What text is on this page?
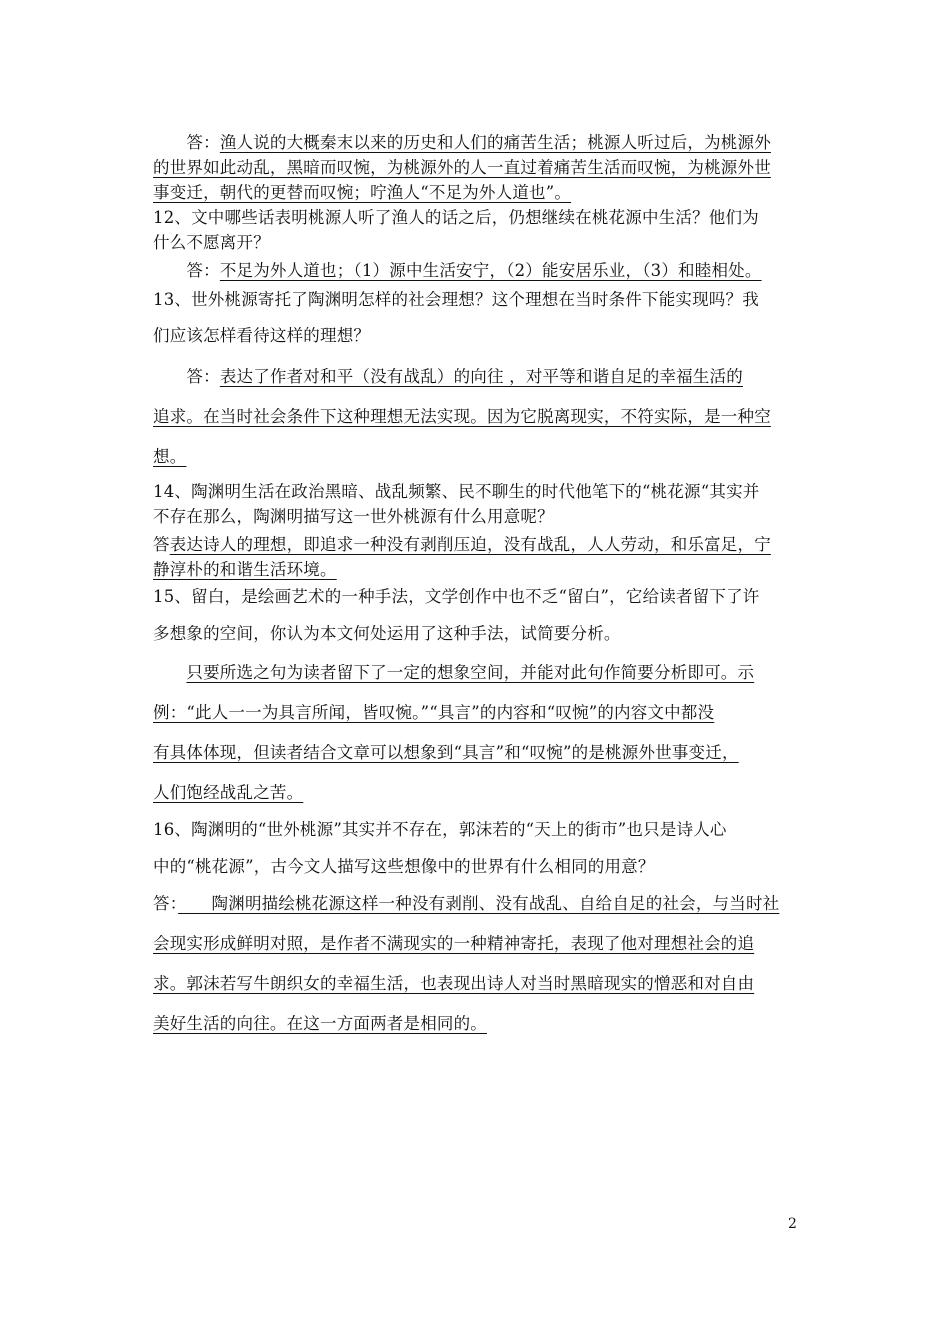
　　答：渔人说的大概秦末以来的历史和人们的痛苦生活；桃源人听过后，为桃源外
的世界如此动乱，黑暗而叹惋，为桃源外的人一直过着痛苦生活而叹惋，为桃源外世
事变迁，朝代的更替而叹惋；咛渔人“不足为外人道也”。
12、文中哪些话表明桃源人听了渔人的话之后，仍想继续在桃花源中生活？他们为
什么不愿离开？
　　答：不足为外人道也；（1）源中生活安宁，（2）能安居乐业，（3）和睦相处。
13、世外桃源寄托了陶渊明怎样的社会理想？这个理想在当时条件下能实现吗？我
们应该怎样看待这样的理想？
　　答：表达了作者对和平（没有战乱）的向往 ，对平等和谐自足的幸福生活的
追求。在当时社会条件下这种理想无法实现。因为它脱离现实，不符实际，是一种空
想。
14、陶渊明生活在政治黑暗、战乱频繁、民不聊生的时代他笔下的“桃花源“其实并
不存在那么，陶渊明描写这一世外桃源有什么用意呢？
答表达诗人的理想，即追求一种没有剥削压迫，没有战乱，人人劳动，和乐富足，宁
静淳朴的和谐生活环境。
15、留白，是绘画艺术的一种手法，文学创作中也不乏“留白”，它给读者留下了许
多想象的空间，你认为本文何处运用了这种手法，试简要分析。
　　只要所选之句为读者留下了一定的想象空间，并能对此句作简要分析即可。示
例：“此人一一为具言所闻，皆叹惋。”“具言”的内容和“叹惋”的内容文中都没
有具体体现，但读者结合文章可以想象到“具言”和“叹惋”的是桃源外世事变迁，
人们饱经战乱之苦。
16、陶渊明的“世外桃源”其实并不存在，郭沫若的“天上的街市”也只是诗人心
中的“桃花源”，古今文人描写这些想像中的世界有什么相同的用意？
答：　　陶渊明描绘桃花源这样一种没有剥削、没有战乱、自给自足的社会，与当时社
会现实形成鲜明对照，是作者不满现实的一种精神寄托，表现了他对理想社会的追
求。郭沫若写牛朗织女的幸福生活，也表现出诗人对当时黑暗现实的憎恶和对自由
美好生活的向往。在这一方面两者是相同的。
2
